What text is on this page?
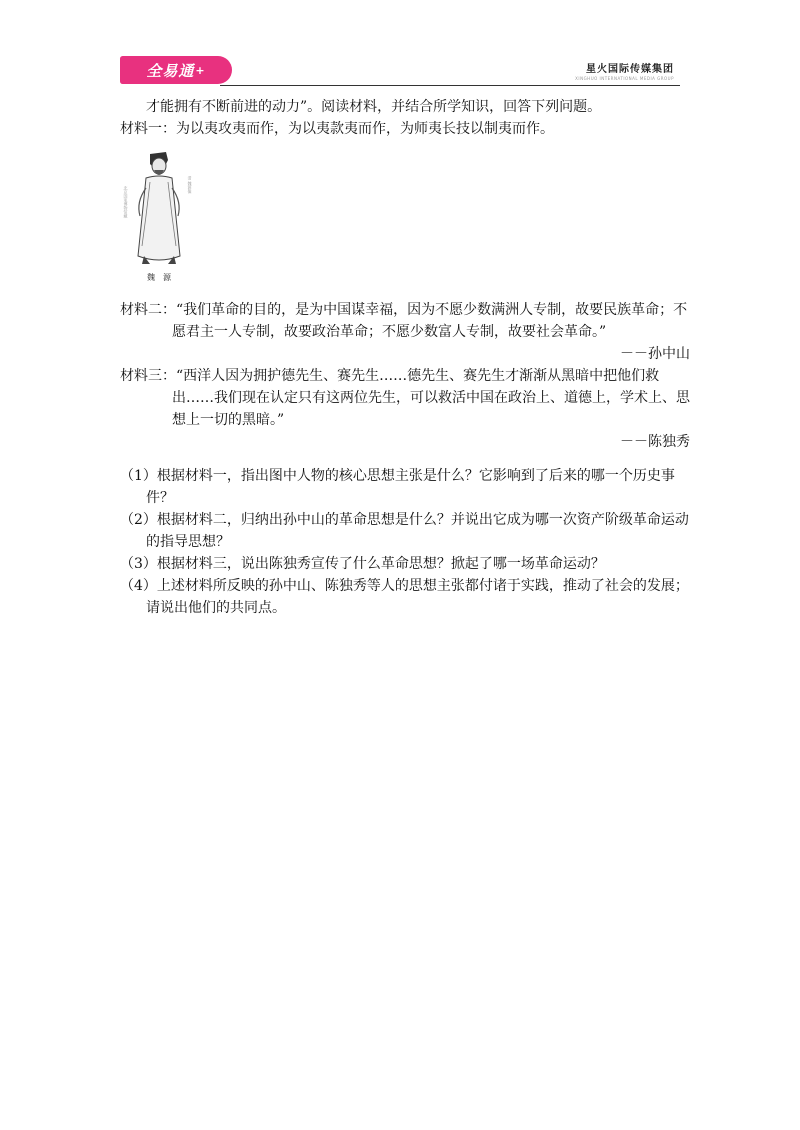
全易通 +	星火国际传媒集团
XINGHUO INTERNATIONAL MEDIA GROUP

才能拥有不断前进的动力”。阅读材料，并结合所学知识，回答下列问题。

材料一：为以夷攻夷而作，为以夷款夷而作，为师夷长技以制夷而作。

北京国家博物馆藏
清 魏源像
魏　源

材料二：“我们革命的目的，是为中国谋幸福，因为不愿少数满洲人专制，故要民族革命；不愿君主一人专制，故要政治革命；不愿少数富人专制，故要社会革命。”

－－孙中山

材料三：“西洋人因为拥护德先生、赛先生……德先生、赛先生才渐渐从黑暗中把他们救出……我们现在认定只有这两位先生，可以救活中国在政治上、道德上，学术上、思想上一切的黑暗。”

－－陈独秀

（1）根据材料一，指出图中人物的核心思想主张是什么？它影响到了后来的哪一个历史事件？

（2）根据材料二，归纳出孙中山的革命思想是什么？并说出它成为哪一次资产阶级革命运动的指导思想？

（3）根据材料三，说出陈独秀宣传了什么革命思想？掀起了哪一场革命运动？

（4）上述材料所反映的孙中山、陈独秀等人的思想主张都付诸于实践，推动了社会的发展；请说出他们的共同点。
